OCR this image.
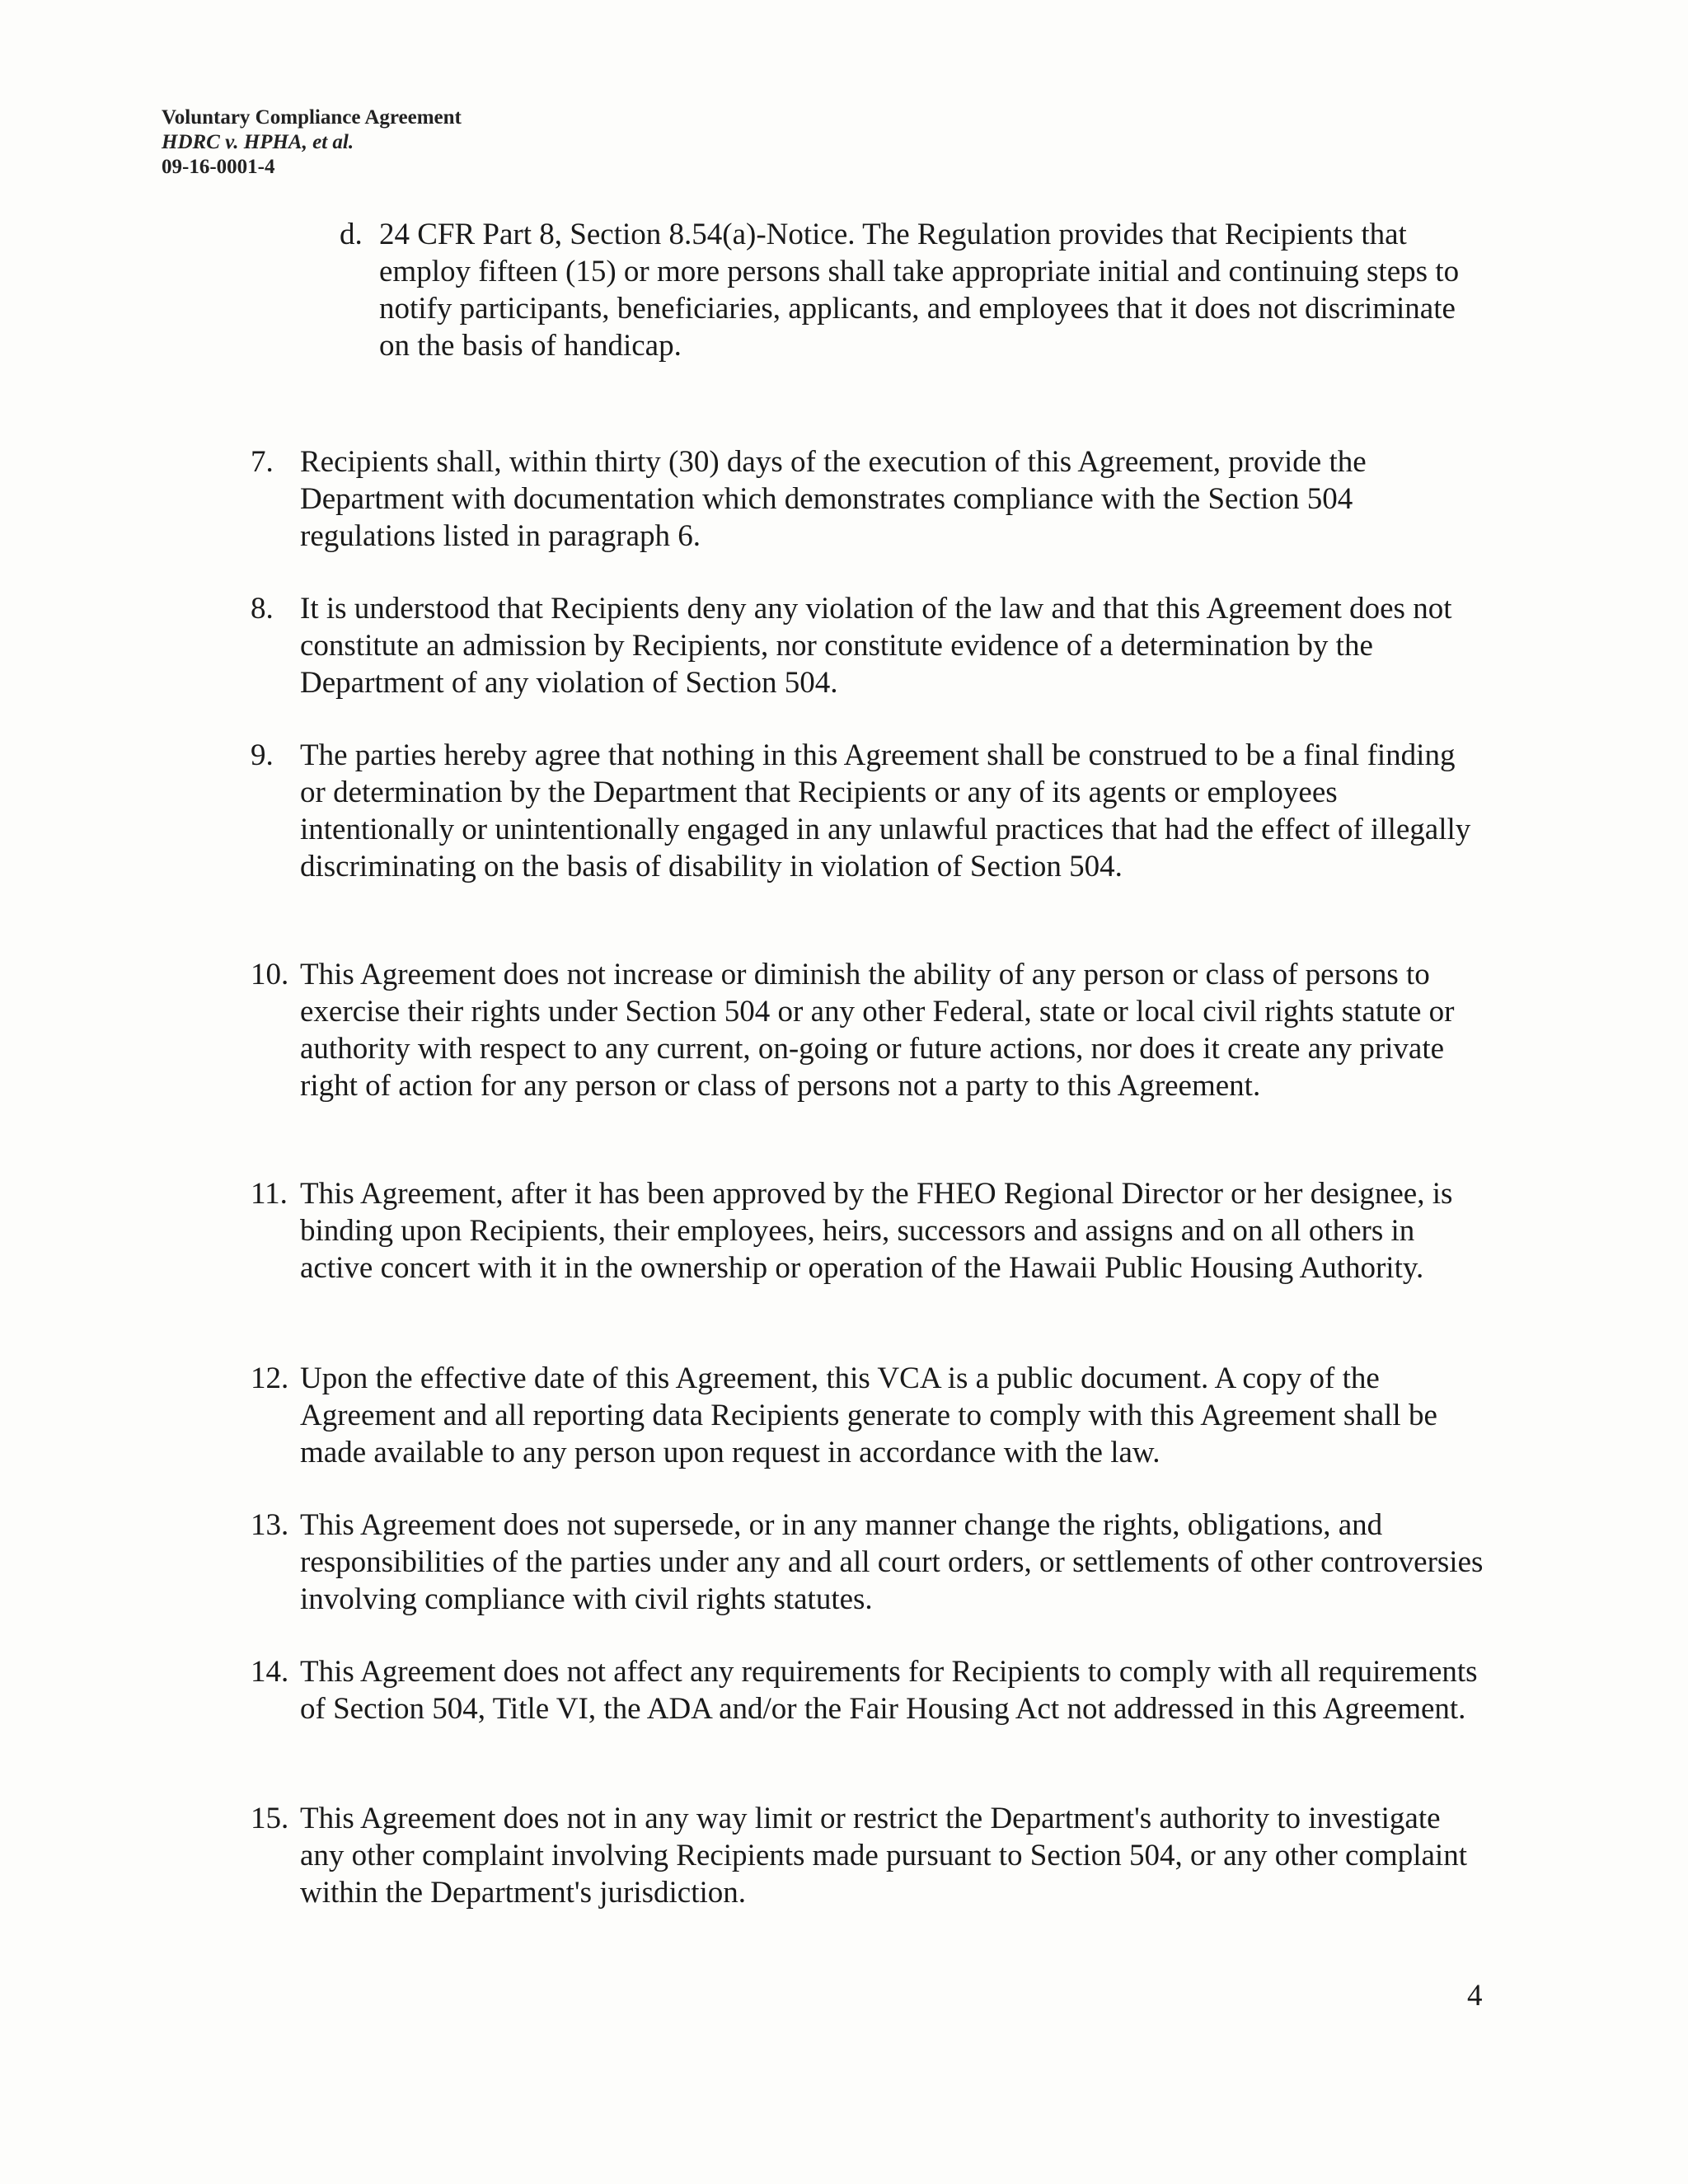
Voluntary Compliance Agreement
HDRC v. HPHA, et al.
09-16-0001-4
d. 24 CFR Part 8, Section 8.54(a)-Notice. The Regulation provides that Recipients that employ fifteen (15) or more persons shall take appropriate initial and continuing steps to notify participants, beneficiaries, applicants, and employees that it does not discriminate on the basis of handicap.
7. Recipients shall, within thirty (30) days of the execution of this Agreement, provide the Department with documentation which demonstrates compliance with the Section 504 regulations listed in paragraph 6.
8. It is understood that Recipients deny any violation of the law and that this Agreement does not constitute an admission by Recipients, nor constitute evidence of a determination by the Department of any violation of Section 504.
9. The parties hereby agree that nothing in this Agreement shall be construed to be a final finding or determination by the Department that Recipients or any of its agents or employees intentionally or unintentionally engaged in any unlawful practices that had the effect of illegally discriminating on the basis of disability in violation of Section 504.
10. This Agreement does not increase or diminish the ability of any person or class of persons to exercise their rights under Section 504 or any other Federal, state or local civil rights statute or authority with respect to any current, on-going or future actions, nor does it create any private right of action for any person or class of persons not a party to this Agreement.
11. This Agreement, after it has been approved by the FHEO Regional Director or her designee, is binding upon Recipients, their employees, heirs, successors and assigns and on all others in active concert with it in the ownership or operation of the Hawaii Public Housing Authority.
12. Upon the effective date of this Agreement, this VCA is a public document. A copy of the Agreement and all reporting data Recipients generate to comply with this Agreement shall be made available to any person upon request in accordance with the law.
13. This Agreement does not supersede, or in any manner change the rights, obligations, and responsibilities of the parties under any and all court orders, or settlements of other controversies involving compliance with civil rights statutes.
14. This Agreement does not affect any requirements for Recipients to comply with all requirements of Section 504, Title VI, the ADA and/or the Fair Housing Act not addressed in this Agreement.
15. This Agreement does not in any way limit or restrict the Department's authority to investigate any other complaint involving Recipients made pursuant to Section 504, or any other complaint within the Department's jurisdiction.
4
